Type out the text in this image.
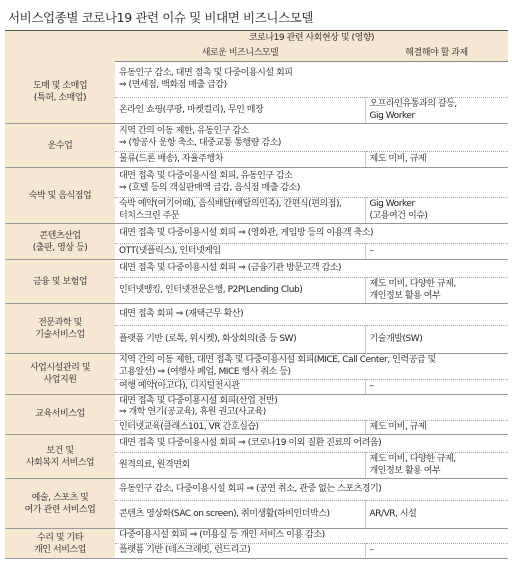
서비스업종별 코로나19 관련 이슈 및 비대면 비즈니스모델
	코로나19 관련 사회현상 및 (영향)	
	새로운 비즈니스모델	해결해야 할 과제

도매 및 소매업
(특허, 소매업)	유동인구 감소, 대면 접촉 및 다중이용시설 회피
⇒ (면세점, 백화점 매출 급감)	

	온라인 쇼핑(쿠팡, 마켓컬리), 무인 매장	오프라인유통과의 갈등,
Gig Worker

운수업	지역 간의 이동 제한, 유동인구 감소
⇒ (항공사 운항 축소, 대중교통 통행량 감소)	

	물류(드론 배송), 자율주행차	제도 미비, 규제

숙박 및 음식점업	대면 접촉 및 다중이용시설 회피, 유동인구 감소
⇒ (호텔 등의 객실판매액 급감, 음식점 매출 감소)	

	숙박 예약(여기어때), 음식배달(배달의민족), 간편식(편의점),
터치스크린 주문	Gig Worker
(고용여건 이슈)

콘텐츠산업
(출판, 영상 등)	대면 접촉 및 다중이용시설 회피 ⇒ (영화관, 게임방 등의 이용객 축소)	

	OTT(넷플릭스), 인터넷게임	–

금융 및 보험업	대면 접촉 및 다중이용시설 회피 ⇒ (금융기관 방문고객 감소)	

	인터넷뱅킹, 인터넷전문은행, P2P(Lending Club)	제도 미비, 다양한 규제,
개인정보 활용 여부

전문과학 및
기술서비스업	대면 접촉 회피 ⇒ (재택근무 확산)	

	플랫폼 기반 (로톡, 위시켓), 화상회의(줌 등 SW)	기술개발(SW)

사업시설관리 및
사업지원	지역 간의 이동 제한, 대면 접촉 및 다중이용시설 회피(MICE, Call Center, 인력공급 및
고용알선) ⇒ (여행사 폐업, MICE 행사 취소 등)	

	여행 예약(아고다), 디지털전시관	–

교육서비스업	대면 접촉 및 다중이용시설 회피(산업 전반)
⇒ 개학 연기(공교육), 휴원 권고(사교육)	

	인터넷교육(클래스101, VR 간호실습)	제도 미비, 규제

보건 및
사회복지 서비스업	대면 접촉 및 다중이용시설 회피 ⇒ (코로나19 이외 질환 진료의 어려움)	

	원격의료, 원격면회	제도 미비, 다양한 규제,
개인정보 활용 여부

예술, 스포츠 및
여가 관련 서비스업	유동인구 감소, 다중이용시설 회피 ⇒ (공연 취소, 관중 없는 스포츠경기)	

	콘텐츠 영상화(SAC on screen), 취미생활(하비인더박스)	AR/VR, 시설

수리 및 기타
개인 서비스업	다중이용시설 회피 ⇒ (미용실 등 개인 서비스 이용 감소)	

	플랫폼 기반 (테스크래빗, 런드리고)	–
